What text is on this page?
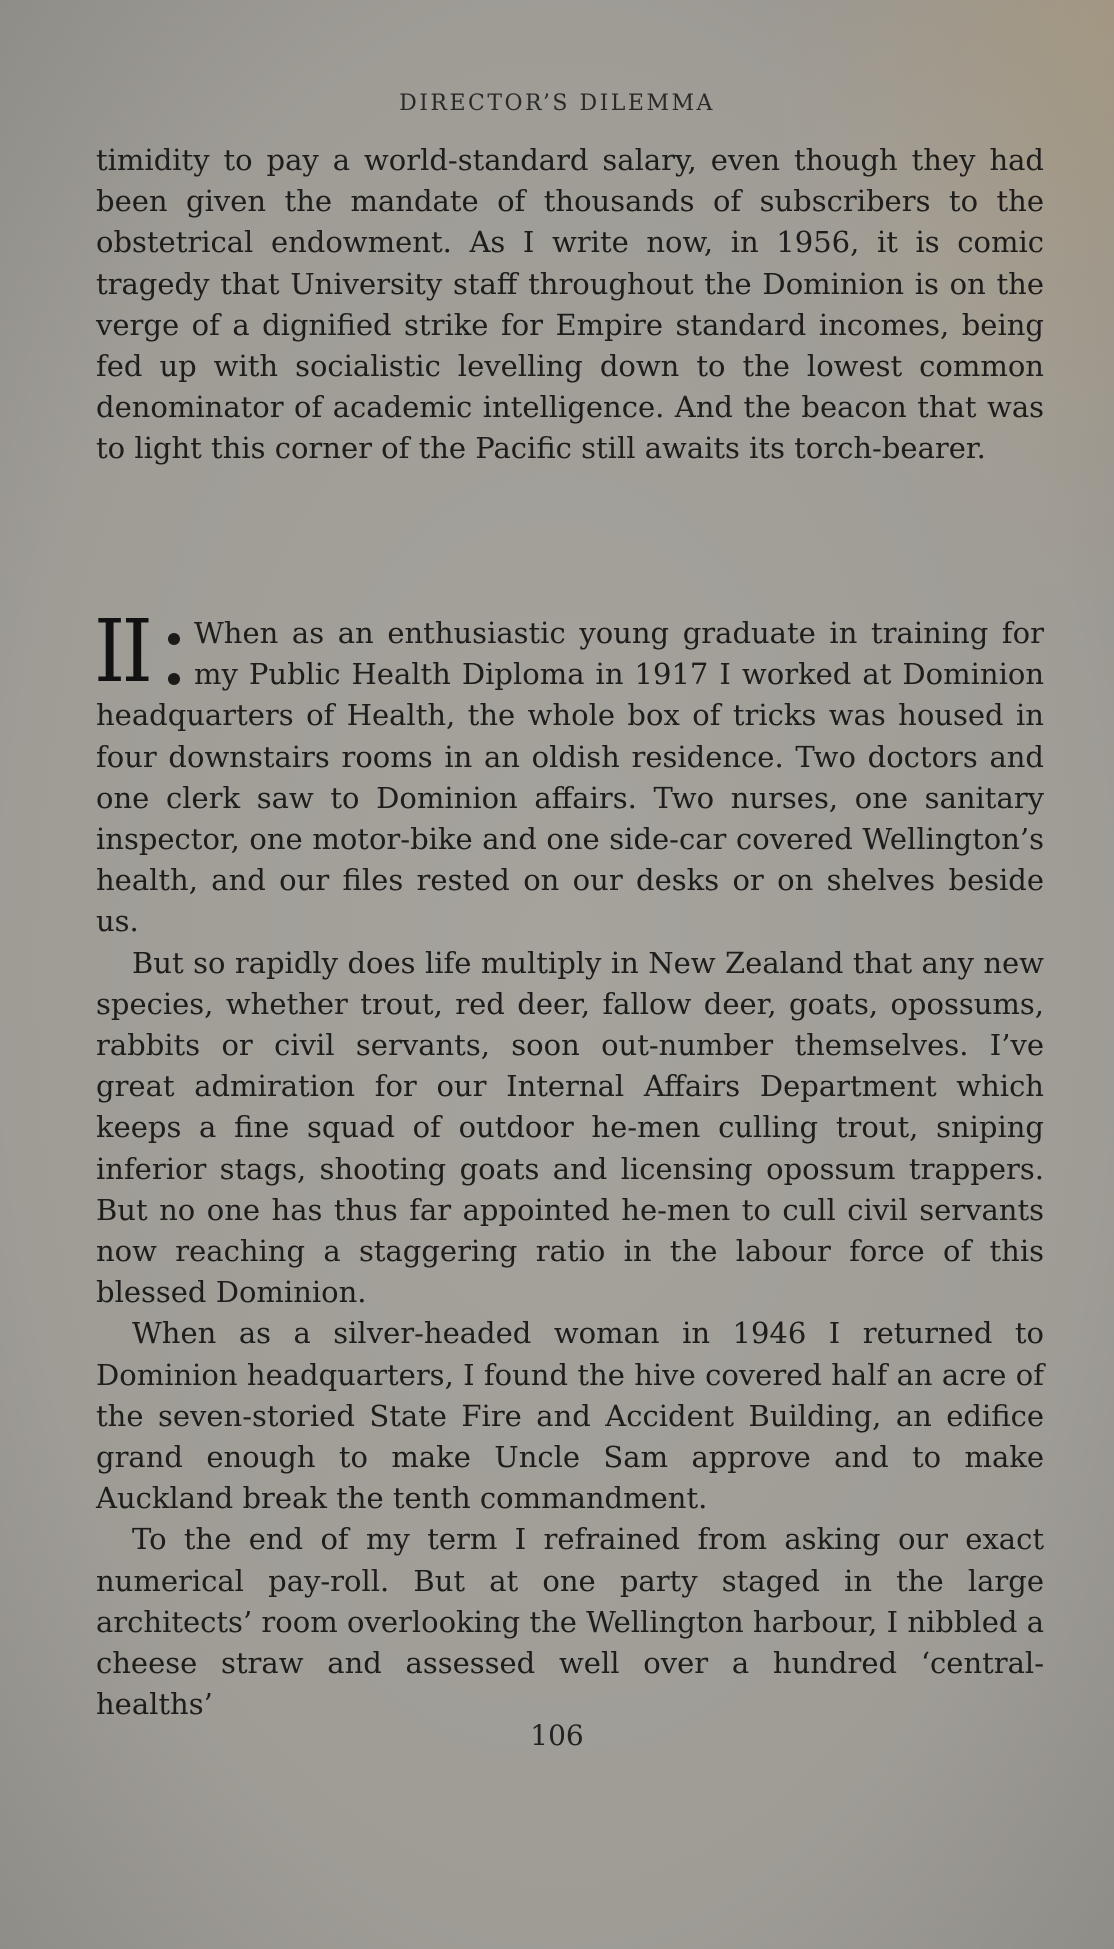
DIRECTOR’S DILEMMA

timidity to pay a world-standard salary, even though they had been given the mandate of thousands of subscribers to the obstetrical endowment. As I write now, in 1956, it is comic tragedy that University staff throughout the Dominion is on the verge of a dignified strike for Empire standard incomes, being fed up with socialistic levelling down to the lowest common denominator of academic intelligence. And the beacon that was to light this corner of the Pacific still awaits its torch-bearer.

II When as an enthusiastic young graduate in training for my Public Health Diploma in 1917 I worked at Dominion headquarters of Health, the whole box of tricks was housed in four downstairs rooms in an oldish residence. Two doctors and one clerk saw to Dominion affairs. Two nurses, one sanitary inspector, one motor-bike and one side-car covered Wellington’s health, and our files rested on our desks or on shelves beside us.

But so rapidly does life multiply in New Zealand that any new species, whether trout, red deer, fallow deer, goats, opossums, rabbits or civil servants, soon out-number themselves. I’ve great admiration for our Internal Affairs Department which keeps a fine squad of outdoor he-men culling trout, sniping inferior stags, shooting goats and licensing opossum trappers. But no one has thus far appointed he-men to cull civil servants now reaching a staggering ratio in the labour force of this blessed Dominion.

When as a silver-headed woman in 1946 I returned to Dominion headquarters, I found the hive covered half an acre of the seven-storied State Fire and Accident Building, an edifice grand enough to make Uncle Sam approve and to make Auckland break the tenth commandment.

To the end of my term I refrained from asking our exact numerical pay-roll. But at one party staged in the large architects’ room overlooking the Wellington harbour, I nibbled a cheese straw and assessed well over a hundred ‘central-healths’

106
